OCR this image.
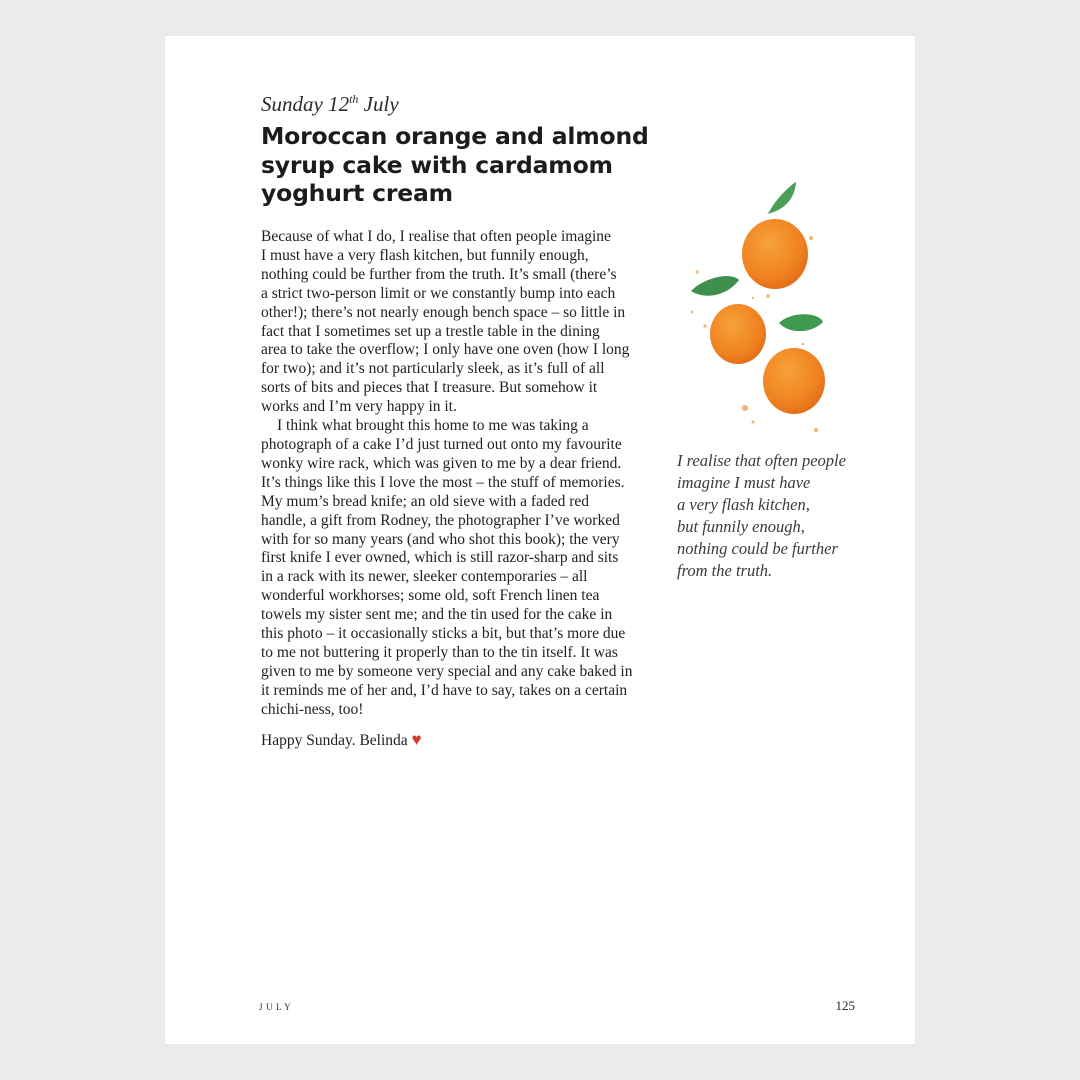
Sunday 12th July
Moroccan orange and almond
syrup cake with cardamom
yoghurt cream
Because of what I do, I realise that often people imagine
I must have a very flash kitchen, but funnily enough,
nothing could be further from the truth. It’s small (there’s
a strict two-person limit or we constantly bump into each
other!); there’s not nearly enough bench space – so little in
fact that I sometimes set up a trestle table in the dining
area to take the overflow; I only have one oven (how I long
for two); and it’s not particularly sleek, as it’s full of all
sorts of bits and pieces that I treasure. But somehow it
works and I’m very happy in it.
I think what brought this home to me was taking a
photograph of a cake I’d just turned out onto my favourite
wonky wire rack, which was given to me by a dear friend.
It’s things like this I love the most – the stuff of memories.
My mum’s bread knife; an old sieve with a faded red
handle, a gift from Rodney, the photographer I’ve worked
with for so many years (and who shot this book); the very
first knife I ever owned, which is still razor-sharp and sits
in a rack with its newer, sleeker contemporaries – all
wonderful workhorses; some old, soft French linen tea
towels my sister sent me; and the tin used for the cake in
this photo – it occasionally sticks a bit, but that’s more due
to me not buttering it properly than to the tin itself. It was
given to me by someone very special and any cake baked in
it reminds me of her and, I’d have to say, takes on a certain
chichi-ness, too!
Happy Sunday. Belinda ♥
I realise that often people
imagine I must have
a very flash kitchen,
but funnily enough,
nothing could be further
from the truth.
JULY	125
